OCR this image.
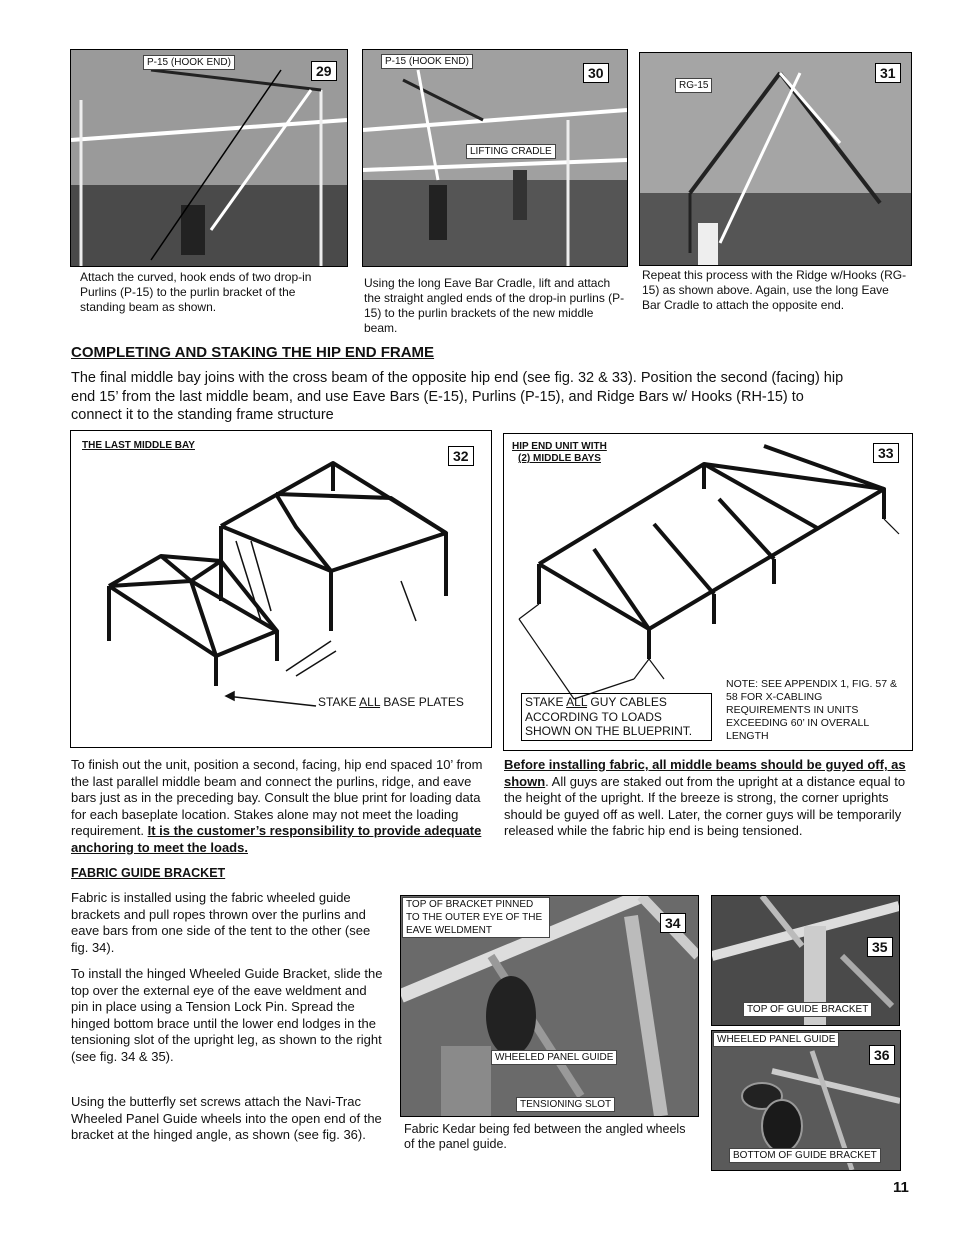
P-15 (HOOK END)
29
Attach the curved, hook ends of two drop-in Purlins (P-15) to the purlin bracket of the standing beam as shown.
P-15 (HOOK END)
LIFTING CRADLE
30
Using the long Eave Bar Cradle, lift and attach the straight angled ends of the drop-in purlins (P-15) to the purlin brackets of the new middle beam.
RG-15
31
Repeat this process with the Ridge w/Hooks (RG-15) as shown above. Again, use the long Eave Bar Cradle to attach the opposite end.
COMPLETING AND STAKING THE HIP END FRAME
The final middle bay joins with the cross beam of the opposite hip end (see fig. 32 & 33). Position the second (facing) hip end 15’ from the last middle beam, and use Eave Bars (E-15), Purlins (P-15), and Ridge Bars w/ Hooks (RH-15) to connect it to the standing frame structure
THE LAST MIDDLE BAY
32
STAKE ALL BASE PLATES
HIP END UNIT WITH
(2) MIDDLE BAYS	33
STAKE ALL GUY CABLES ACCORDING TO LOADS SHOWN ON THE BLUEPRINT.
NOTE: SEE APPENDIX 1, FIG. 57 & 58 FOR X-CABLING REQUIREMENTS IN UNITS EXCEEDING 60’ IN OVERALL LENGTH
To finish out the unit, position a second, facing, hip end spaced 10’ from the last parallel middle beam and connect the purlins, ridge, and eave bars just as in the preceding bay. Consult the blue print for loading data for each baseplate location. Stakes alone may not meet the loading requirement. It is the customer’s responsibility to provide adequate anchoring to meet the loads.
Before installing fabric, all middle beams should be guyed off, as shown. All guys are staked out from the upright at a distance equal to the height of the upright. If the breeze is strong, the corner uprights should be guyed off as well. Later, the corner guys will be temporarily released while the fabric hip end is being tensioned.
FABRIC GUIDE BRACKET
Fabric is installed using the fabric wheeled guide brackets and pull ropes thrown over the purlins and eave bars from one side of the tent to the other (see fig. 34).
To install the hinged Wheeled Guide Bracket, slide the top over the external eye of the eave weldment and pin in place using a Tension Lock Pin. Spread the hinged bottom brace until the lower end lodges in the tensioning slot of the upright leg, as shown to the right (see fig. 34 & 35).
Using the butterfly set screws attach the Navi-Trac Wheeled Panel Guide wheels into the open end of the bracket at the hinged angle, as shown (see fig. 36).
TOP OF BRACKET PINNED TO THE OUTER EYE OF THE EAVE WELDMENT	34
WHEELED PANEL GUIDE
TENSIONING SLOT
Fabric Kedar being fed between the angled wheels of the panel guide.
35
TOP OF GUIDE BRACKET
WHEELED PANEL GUIDE
36
BOTTOM OF GUIDE BRACKET
11
